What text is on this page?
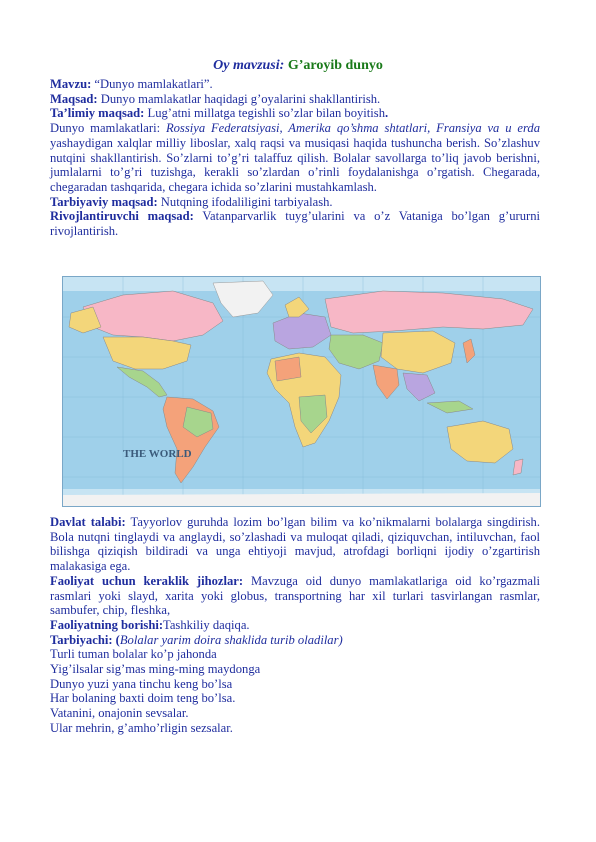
Oy mavzusi: G’aroyib dunyo

Mavzu: “Dunyo mamlakatlari”.

Maqsad: Dunyo mamlakatlar haqidagi g’oyalarini shakllantirish.

Ta’limiy maqsad: Lug’atni millatga tegishli so’zlar bilan boyitish.

Dunyo mamlakatlari: Rossiya Federatsiyasi, Amerika qo’shma shtatlari, Fransiya va u erda yashaydigan xalqlar milliy liboslar, xalq raqsi va musiqasi haqida tushuncha berish. So’zlashuv nutqini shakllantirish. So’zlarni to’g’ri talaffuz qilish. Bolalar savollarga to’liq javob berishni, jumlalarni to’g’ri tuzishga, kerakli so’zlardan o’rinli foydalanishga o’rgatish. Chegarada, chegaradan tashqarida, chegara ichida so’zlarini mustahkamlash.

Tarbiyaviy maqsad: Nutqning ifodaliligini tarbiyalash.

Rivojlantiruvchi maqsad: Vatanparvarlik tuyg’ularini va o’z Vataniga bo’lgan g’ururni rivojlantirish.

THE WORLD

Davlat talabi: Tayyorlov guruhda lozim bo’lgan bilim va ko’nikmalarni bolalarga singdirish. Bola nutqni tinglaydi va anglaydi, so’zlashadi va muloqat qiladi, qiziquvchan, intiluvchan, faol bilishga qiziqish bildiradi va unga ehtiyoji mavjud, atrofdagi borliqni ijodiy o’zgartirish malakasiga ega.

Faoliyat uchun keraklik jihozlar: Mavzuga oid dunyo mamlakatlariga oid ko’rgazmali rasmlari yoki slayd, xarita yoki globus, transportning har xil turlari tasvirlangan rasmlar, sambufer, chip, fleshka,

Faoliyatning borishi:Tashkiliy daqiqa.

Tarbiyachi: (Bolalar yarim doira shaklida turib oladilar)

Turli tuman bolalar ko’p jahonda

Yig’ilsalar sig’mas ming-ming maydonga

Dunyo yuzi yana tinchu keng bo’lsa

Har bolaning baxti doim teng bo’lsa.

Vatanini, onajonin sevsalar.

Ular mehrin, g’amho’rligin sezsalar.
